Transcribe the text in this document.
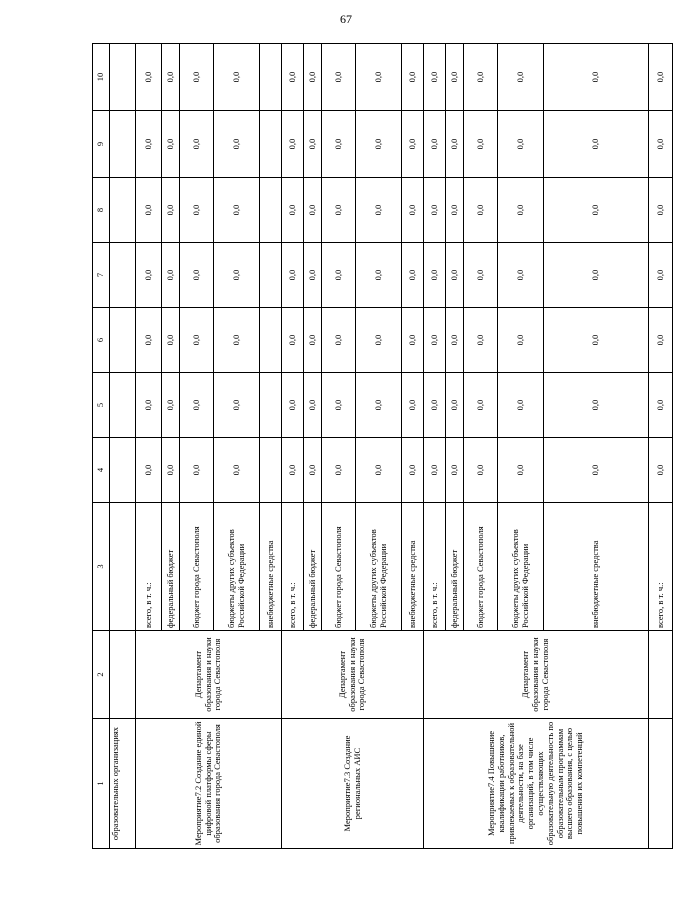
67
1	2	3	4	5	6	7	8	9	10
образовательных организациях									
Мероприятие7.2 Создание единой цифровой платформы сферы образования города Севастополя	Департамент образования и науки города Севастополя	всего, в т. ч.:	0,0	0,0	0,0	0,0	0,0	0,0	0,0
		федеральный бюджет	0,0	0,0	0,0	0,0	0,0	0,0	0,0
		бюджет города Севастополя	0,0	0,0	0,0	0,0	0,0	0,0	0,0
		бюджеты других субъектов Российской Федерации	0,0	0,0	0,0	0,0	0,0	0,0	0,0
		внебюджетные средства							
Мероприятие7.3 Создание региональных АИС	Департамент образования и науки города Севастополя	всего, в т. ч.:	0,0	0,0	0,0	0,0	0,0	0,0	0,0
		федеральный бюджет	0,0	0,0	0,0	0,0	0,0	0,0	0,0
		бюджет города Севастополя	0,0	0,0	0,0	0,0	0,0	0,0	0,0
		бюджеты других субъектов Российской Федерации	0,0	0,0	0,0	0,0	0,0	0,0	0,0
		внебюджетные средства	0,0	0,0	0,0	0,0	0,0	0,0	0,0
Мероприятие7.4 Повышение квалификации работников, привлекаемых к образовательной деятельности, на базе организаций, в том числе осуществляющих образовательную деятельность по образовательным программам высшего образования, с целью повышения их компетенций	Департамент образования и науки города Севастополя	всего, в т. ч.:	0,0	0,0	0,0	0,0	0,0	0,0	0,0
		федеральный бюджет	0,0	0,0	0,0	0,0	0,0	0,0	0,0
		бюджет города Севастополя	0,0	0,0	0,0	0,0	0,0	0,0	0,0
		бюджеты других субъектов Российской Федерации	0,0	0,0	0,0	0,0	0,0	0,0	0,0
		внебюджетные средства	0,0	0,0	0,0	0,0	0,0	0,0	0,0
		всего, в т. ч.:	0,0	0,0	0,0	0,0	0,0	0,0	0,0
